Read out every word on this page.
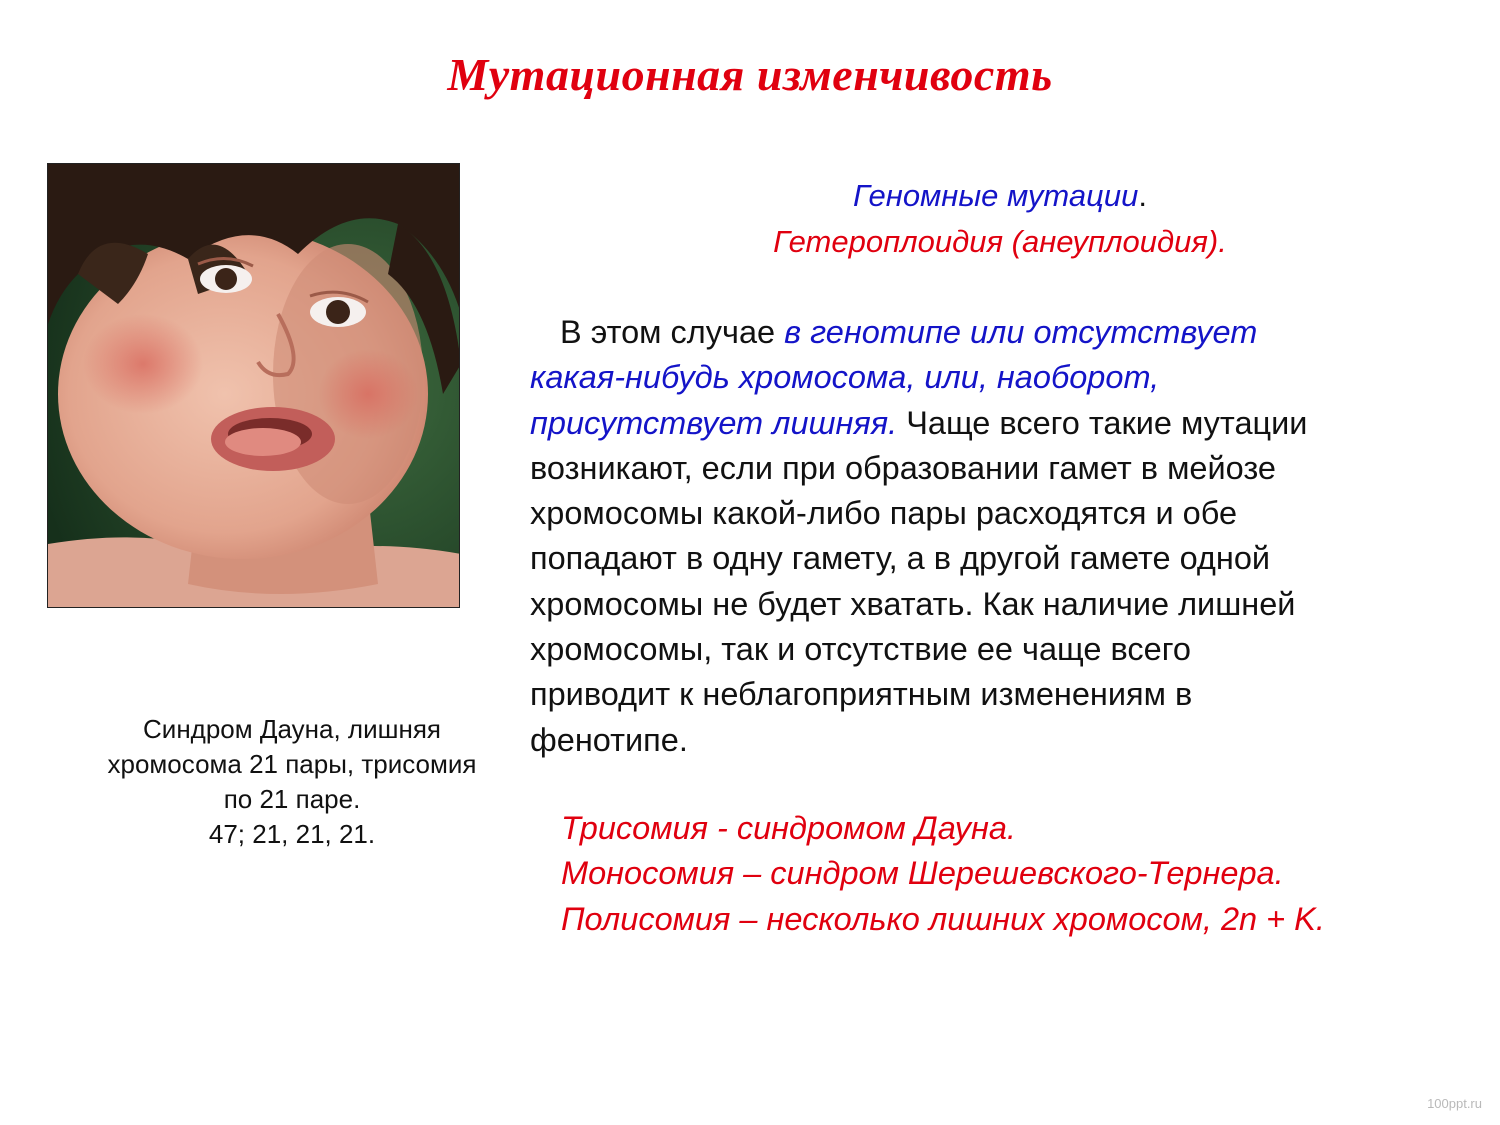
Мутационная изменчивость
Синдром Дауна, лишняя
хромосома 21 пары, трисомия
по 21 паре.
47; 21, 21, 21.
Геномные мутации.
Гетероплоидия (анеуплоидия).
В этом случае в генотипе или отсутствует
какая-нибудь хромосома, или, наоборот,
присутствует лишняя. Чаще всего такие мутации
возникают, если при образовании гамет в мейозе
хромосомы какой-либо пары расходятся и обе
попадают в одну гамету, а в другой гамете одной
хромосомы не будет хватать. Как наличие лишней
хромосомы, так и отсутствие ее чаще всего
приводит к неблагоприятным изменениям в
фенотипе.
Трисомия - синдромом Дауна.
Моносомия – синдром Шерешевского-Тернера.
Полисомия – несколько лишних хромосом, 2n + K.
100ppt.ru
